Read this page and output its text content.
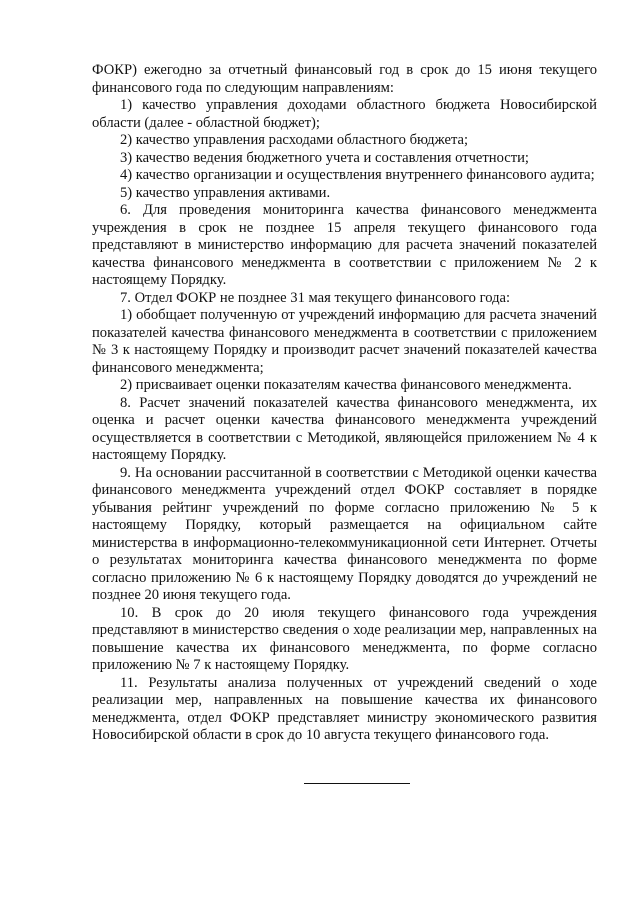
ФОКР) ежегодно за отчетный финансовый год в срок до 15 июня текущего финансового года по следующим направлениям:

1) качество управления доходами областного бюджета Новосибирской области (далее - областной бюджет);

2) качество управления расходами областного бюджета;

3) качество ведения бюджетного учета и составления отчетности;

4) качество организации и осуществления внутреннего финансового аудита;

5) качество управления активами.

6. Для проведения мониторинга качества финансового менеджмента учреждения в срок не позднее 15 апреля текущего финансового года представляют в министерство информацию для расчета значений показателей качества финансового менеджмента в соответствии с приложением № 2 к настоящему Порядку.

7. Отдел ФОКР не позднее 31 мая текущего финансового года:

1) обобщает полученную от учреждений информацию для расчета значений показателей качества финансового менеджмента в соответствии с приложением № 3 к настоящему Порядку и производит расчет значений показателей качества финансового менеджмента;

2) присваивает оценки показателям качества финансового менеджмента.

8. Расчет значений показателей качества финансового менеджмента, их оценка и расчет оценки качества финансового менеджмента учреждений осуществляется в соответствии с Методикой, являющейся приложением № 4 к настоящему Порядку.

9. На основании рассчитанной в соответствии с Методикой оценки качества финансового менеджмента учреждений отдел ФОКР составляет в порядке убывания рейтинг учреждений по форме согласно приложению № 5 к настоящему Порядку, который размещается на официальном сайте министерства в информационно-телекоммуникационной сети Интернет. Отчеты о результатах мониторинга качества финансового менеджмента по форме согласно приложению № 6 к настоящему Порядку доводятся до учреждений не позднее 20 июня текущего года.

10. В срок до 20 июля текущего финансового года учреждения представляют в министерство сведения о ходе реализации мер, направленных на повышение качества их финансового менеджмента, по форме согласно приложению № 7 к настоящему Порядку.

11. Результаты анализа полученных от учреждений сведений о ходе реализации мер, направленных на повышение качества их финансового менеджмента, отдел ФОКР представляет министру экономического развития Новосибирской области в срок до 10 августа текущего финансового года.
